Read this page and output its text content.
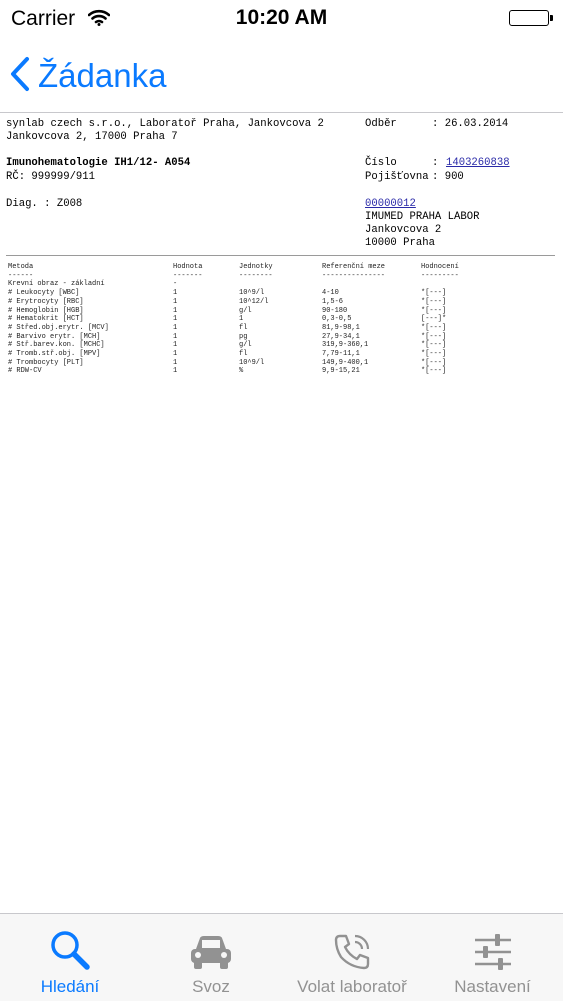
Carrier	10:20 AM
Žádanka
synlab czech s.r.o., Laboratoř Praha, Jankovcova 2
Jankovcova 2, 17000 Praha 7
Odběr	: 26.03.2014
Imunohematologie IH1/12- A054
RČ: 999999/911
Číslo	: 1403260838
Pojišťovna : 900
Diag. : Z008	00000012
IMUMED PRAHA LABOR
Jankovcova 2
10000 Praha
Metoda	Hodnota	Jednotky	Referenční meze	Hodnocení
------	-------	--------	---------------	---------
Krevní obraz - základní	-
# Leukocyty [WBC]	1	10^9/l	4-10	*[---]
# Erytrocyty [RBC]	1	10^12/l	1,5-6	*[---]
# Hemoglobin [HGB]	1	g/l	90-180	*[---]
# Hematokrit [HCT]	1	1	0,3-0,5	[---]*
# Střed.obj.erytr. [MCV]	1	fl	81,9-98,1	*[---]
# Barvivo erytr. [MCH]	1	pg	27,9-34,1	*[---]
# Stř.barev.kon. [MCHC]	1	g/l	319,9-360,1	*[---]
# Tromb.stř.obj. [MPV]	1	fl	7,79-11,1	*[---]
# Trombocyty [PLT]	1	10^9/l	149,9-400,1	*[---]
# RDW-CV	1	%	9,9-15,21	*[---]
Hledání	Svoz	Volat laboratoř	Nastavení
